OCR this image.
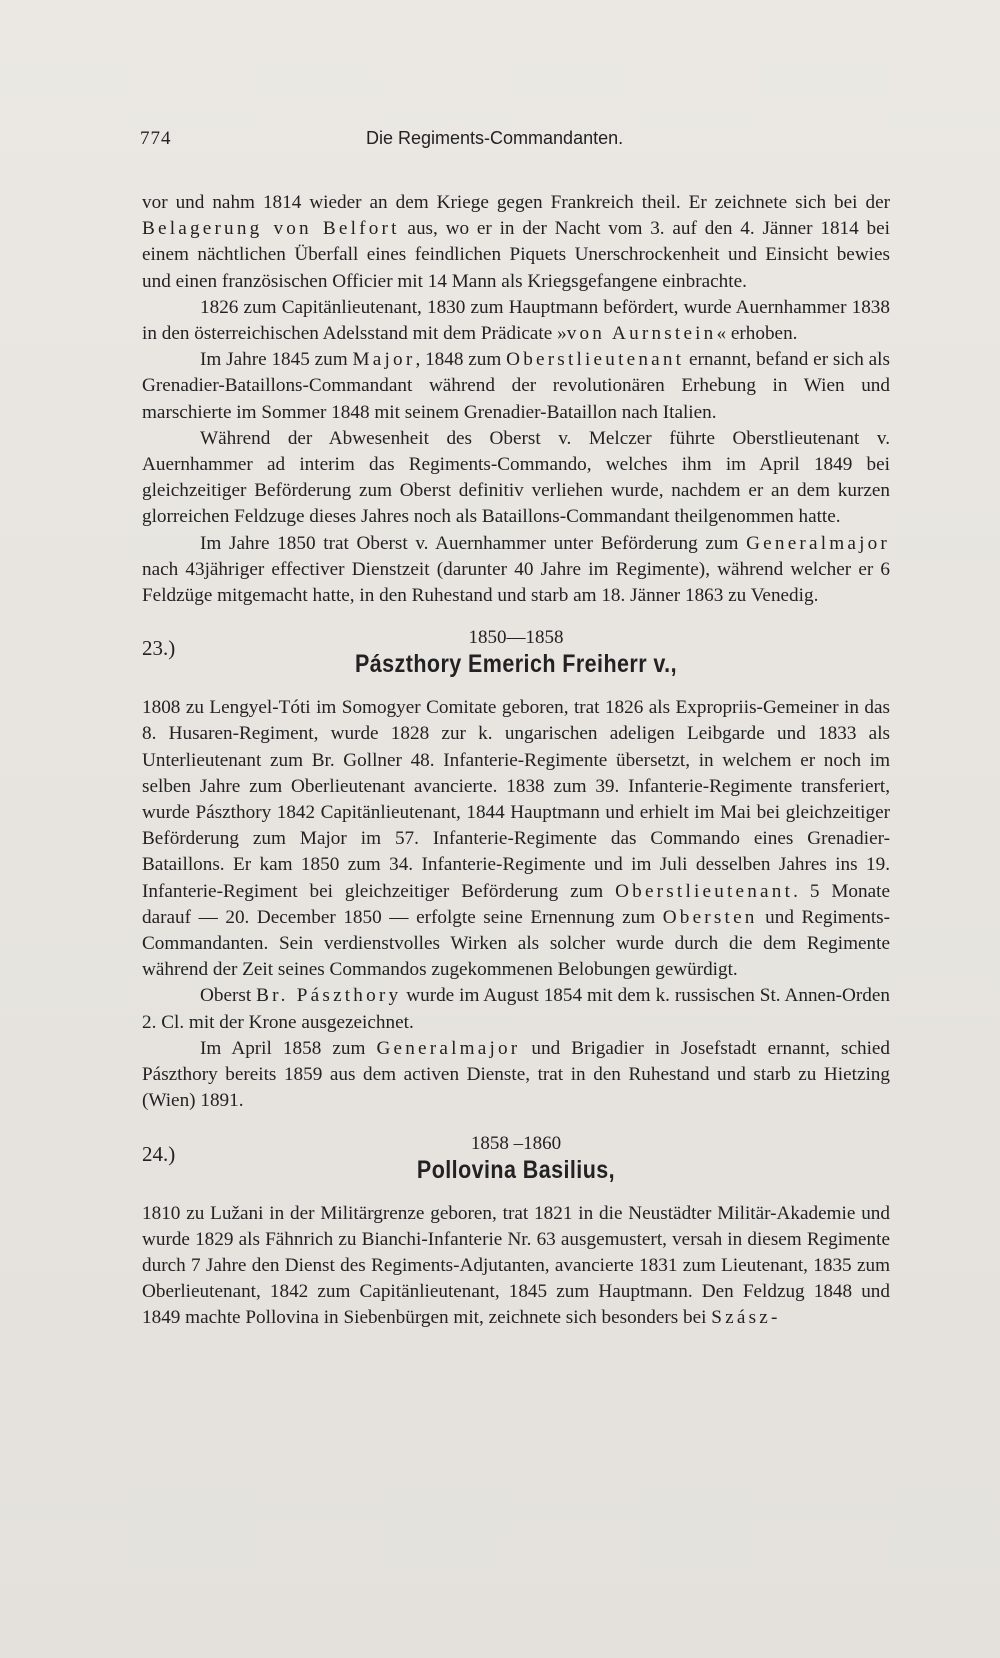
774	Die Regiments-Commandanten.

vor und nahm 1814 wieder an dem Kriege gegen Frankreich theil. Er zeichnete sich bei der Belagerung von Belfort aus, wo er in der Nacht vom 3. auf den 4. Jänner 1814 bei einem nächtlichen Überfall eines feindlichen Piquets Unerschrockenheit und Einsicht bewies und einen französischen Officier mit 14 Mann als Kriegsgefangene einbrachte.

1826 zum Capitänlieutenant, 1830 zum Hauptmann befördert, wurde Auernhammer 1838 in den österreichischen Adelsstand mit dem Prädicate »von Aurnstein« erhoben.

Im Jahre 1845 zum Major, 1848 zum Oberstlieutenant ernannt, befand er sich als Grenadier-Bataillons-Commandant während der revolutionären Erhebung in Wien und marschierte im Sommer 1848 mit seinem Grenadier-Bataillon nach Italien.

Während der Abwesenheit des Oberst v. Melczer führte Oberstlieutenant v. Auernhammer ad interim das Regiments-Commando, welches ihm im April 1849 bei gleichzeitiger Beförderung zum Oberst definitiv verliehen wurde, nachdem er an dem kurzen glorreichen Feldzuge dieses Jahres noch als Bataillons-Commandant theilgenommen hatte.

Im Jahre 1850 trat Oberst v. Auernhammer unter Beförderung zum Generalmajor nach 43jähriger effectiver Dienstzeit (darunter 40 Jahre im Regimente), während welcher er 6 Feldzüge mitgemacht hatte, in den Ruhestand und starb am 18. Jänner 1863 zu Venedig.

23.)	1850—1858
Pászthory Emerich Freiherr v.,

1808 zu Lengyel-Tóti im Somogyer Comitate geboren, trat 1826 als Expropriis-Gemeiner in das 8. Husaren-Regiment, wurde 1828 zur k. ungarischen adeligen Leibgarde und 1833 als Unterlieutenant zum Br. Gollner 48. Infanterie-Regimente übersetzt, in welchem er noch im selben Jahre zum Oberlieutenant avancierte. 1838 zum 39. Infanterie-Regimente transferiert, wurde Pászthory 1842 Capitänlieutenant, 1844 Hauptmann und erhielt im Mai bei gleichzeitiger Beförderung zum Major im 57. Infanterie-Regimente das Commando eines Grenadier-Bataillons. Er kam 1850 zum 34. Infanterie-Regimente und im Juli desselben Jahres ins 19. Infanterie-Regiment bei gleichzeitiger Beförderung zum Oberstlieutenant. 5 Monate darauf — 20. December 1850 — erfolgte seine Ernennung zum Obersten und Regiments-Commandanten. Sein verdienstvolles Wirken als solcher wurde durch die dem Regimente während der Zeit seines Commandos zugekommenen Belobungen gewürdigt.

Oberst Br. Pászthory wurde im August 1854 mit dem k. russischen St. Annen-Orden 2. Cl. mit der Krone ausgezeichnet.

Im April 1858 zum Generalmajor und Brigadier in Josefstadt ernannt, schied Pászthory bereits 1859 aus dem activen Dienste, trat in den Ruhestand und starb zu Hietzing (Wien) 1891.

24.)	1858 –1860
Pollovina Basilius,

1810 zu Lužani in der Militärgrenze geboren, trat 1821 in die Neustädter Militär-Akademie und wurde 1829 als Fähnrich zu Bianchi-Infanterie Nr. 63 ausgemustert, versah in diesem Regimente durch 7 Jahre den Dienst des Regiments-Adjutanten, avancierte 1831 zum Lieutenant, 1835 zum Oberlieutenant, 1842 zum Capitänlieutenant, 1845 zum Hauptmann. Den Feldzug 1848 und 1849 machte Pollovina in Siebenbürgen mit, zeichnete sich besonders bei Szász-
